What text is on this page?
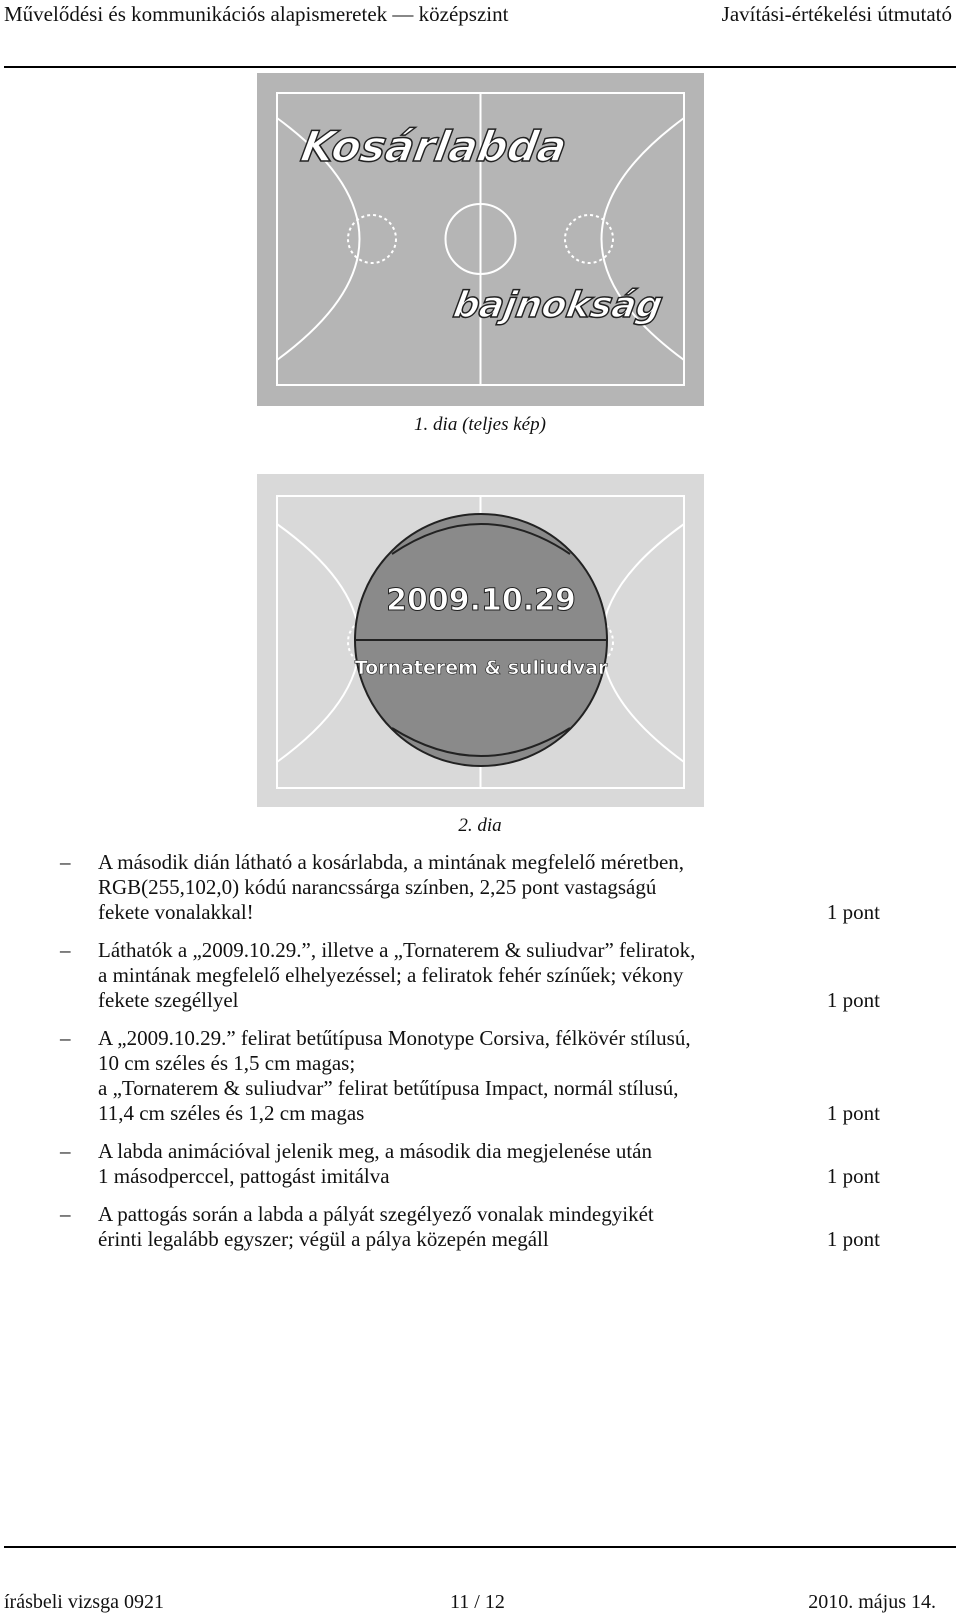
Művelődési és kommunikációs alapismeretek — középszint	Javítási-értékelési útmutató
Kosárlabda
bajnokság
1. dia (teljes kép)
2009.10.29
Tornaterem & suliudvar
2. dia
– A második dián látható a kosárlabda, a mintának megfelelő méretben,
RGB(255,102,0) kódú narancssárga színben, 2,25 pont vastagságú
fekete vonalakkal!	1 pont
– Láthatók a „2009.10.29.”, illetve a „Tornaterem & suliudvar” feliratok,
a mintának megfelelő elhelyezéssel; a feliratok fehér színűek; vékony
fekete szegéllyel	1 pont
– A „2009.10.29.” felirat betűtípusa Monotype Corsiva, félkövér stílusú,
10 cm széles és 1,5 cm magas;
a „Tornaterem & suliudvar” felirat betűtípusa Impact, normál stílusú,
11,4 cm széles és 1,2 cm magas	1 pont
– A labda animációval jelenik meg, a második dia megjelenése után
1 másodperccel, pattogást imitálva	1 pont
– A pattogás során a labda a pályát szegélyező vonalak mindegyikét
érinti legalább egyszer; végül a pálya közepén megáll	1 pont
írásbeli vizsga 0921	11 / 12	2010. május 14.
